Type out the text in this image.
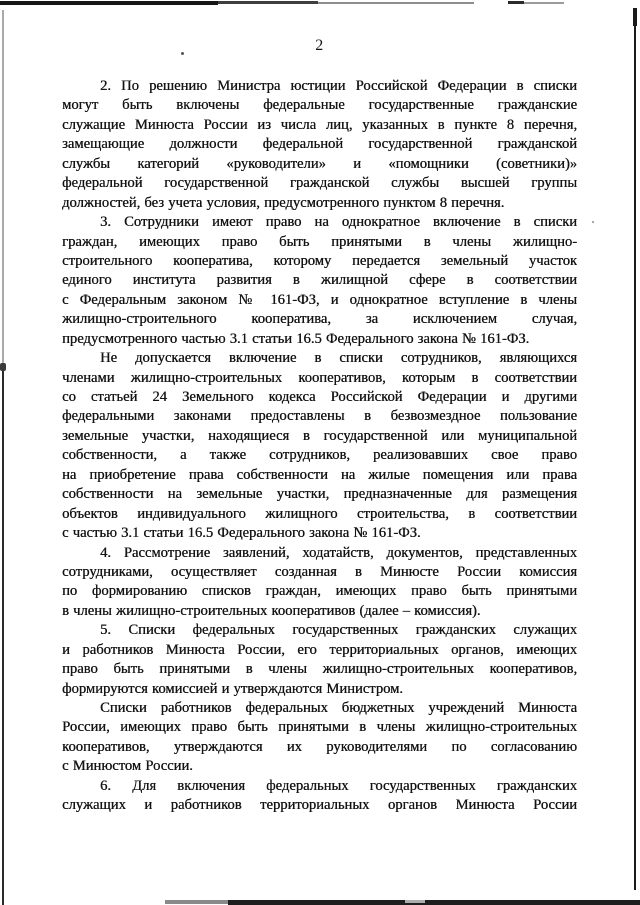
2
2. По решению Министра юстиции Российской Федерации в списки
могут быть включены федеральные государственные гражданские
служащие Минюста России из числа лиц, указанных в пункте 8 перечня,
замещающие должности федеральной государственной гражданской
службы категорий «руководители» и «помощники (советники)»
федеральной государственной гражданской службы высшей группы
должностей, без учета условия, предусмотренного пунктом 8 перечня.
3. Сотрудники имеют право на однократное включение в списки
граждан, имеющих право быть принятыми в члены жилищно-
строительного кооператива, которому передается земельный участок
единого института развития в жилищной сфере в соответствии
с Федеральным законом № 161-ФЗ, и однократное вступление в члены
жилищно-строительного кооператива, за исключением случая,
предусмотренного частью 3.1 статьи 16.5 Федерального закона № 161-ФЗ.
Не допускается включение в списки сотрудников, являющихся
членами жилищно-строительных кооперативов, которым в соответствии
со статьей 24 Земельного кодекса Российской Федерации и другими
федеральными законами предоставлены в безвозмездное пользование
земельные участки, находящиеся в государственной или муниципальной
собственности, а также сотрудников, реализовавших свое право
на приобретение права собственности на жилые помещения или права
собственности на земельные участки, предназначенные для размещения
объектов индивидуального жилищного строительства, в соответствии
с частью 3.1 статьи 16.5 Федерального закона № 161-ФЗ.
4. Рассмотрение заявлений, ходатайств, документов, представленных
сотрудниками, осуществляет созданная в Минюсте России комиссия
по формированию списков граждан, имеющих право быть принятыми
в члены жилищно-строительных кооперативов (далее – комиссия).
5. Списки федеральных государственных гражданских служащих
и работников Минюста России, его территориальных органов, имеющих
право быть принятыми в члены жилищно-строительных кооперативов,
формируются комиссией и утверждаются Министром.
Списки работников федеральных бюджетных учреждений Минюста
России, имеющих право быть принятыми в члены жилищно-строительных
кооперативов, утверждаются их руководителями по согласованию
с Минюстом России.
6. Для включения федеральных государственных гражданских
служащих и работников территориальных органов Минюста России
